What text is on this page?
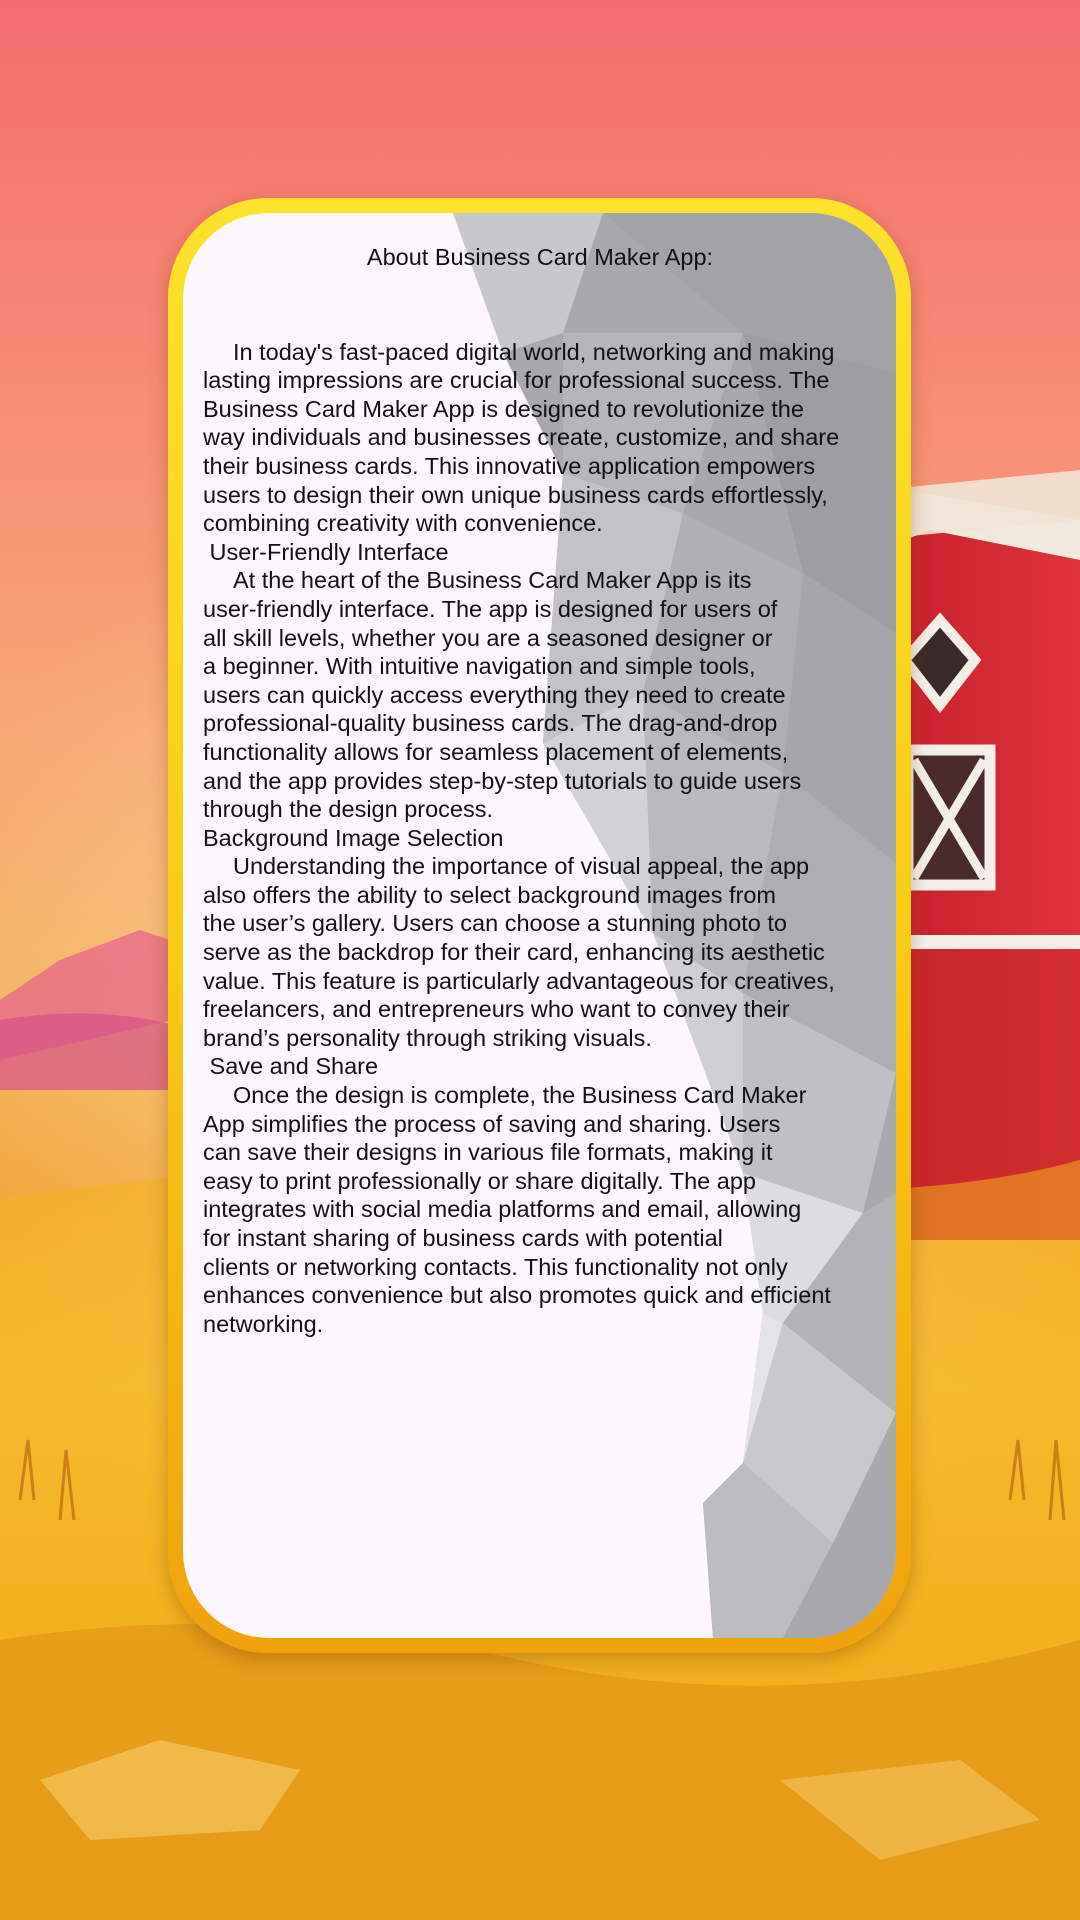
About Business Card Maker App:

In today's fast-paced digital world, networking and making
lasting impressions are crucial for professional success. The
Business Card Maker App is designed to revolutionize the
way individuals and businesses create, customize, and share
their business cards. This innovative application empowers
users to design their own unique business cards effortlessly,
combining creativity with convenience.

User-Friendly Interface

At the heart of the Business Card Maker App is its
user-friendly interface. The app is designed for users of
all skill levels, whether you are a seasoned designer or
a beginner. With intuitive navigation and simple tools,
users can quickly access everything they need to create
professional-quality business cards. The drag-and-drop
functionality allows for seamless placement of elements,
and the app provides step-by-step tutorials to guide users
through the design process.

Background Image Selection

Understanding the importance of visual appeal, the app
also offers the ability to select background images from
the user’s gallery. Users can choose a stunning photo to
serve as the backdrop for their card, enhancing its aesthetic
value. This feature is particularly advantageous for creatives,
freelancers, and entrepreneurs who want to convey their
brand’s personality through striking visuals.

Save and Share

Once the design is complete, the Business Card Maker
App simplifies the process of saving and sharing. Users
can save their designs in various file formats, making it
easy to print professionally or share digitally. The app
integrates with social media platforms and email, allowing
for instant sharing of business cards with potential
clients or networking contacts. This functionality not only
enhances convenience but also promotes quick and efficient
networking.
